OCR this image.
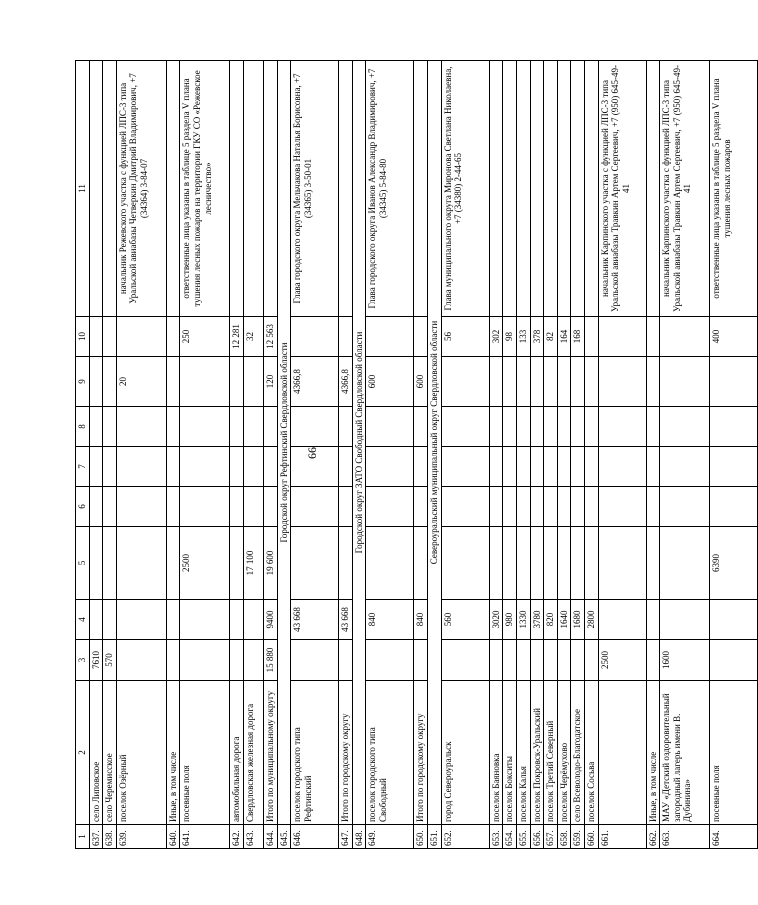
66
1	2	3	4	5	6	7	8	9	10	11
637.	село Липовское	7610								
638.	село Черемисское	570								
639.	поселок Озёрный							20		начальник Режевского участка с функцией ЛПС-3 типа Уральской авиабазы Четверкин Дмитрий Владимирович, +7 (34364) 3-84-07
640.	Иные, в том числе									
641.	посевные поля			2500					250	ответственные лица указаны в таблице 5 раздела V плана тушения лесных пожаров на территории ГКУ СО «Режевское лесничество»
642.	автомобильная дорога								12 281	
643.	Свердловская железная дорога			17 100					32	
644.	Итого по муниципальному округу	15 880	9400	19 600				120	12 563	
645.	Городской округ Рефтинский Свердловской области									
646.	поселок городского типа Рефтинский		43 668					4366,8		Глава городского округа Мельчакова Наталья Борисовна, +7 (34365) 3-50-01
647.	Итого по городскому округу		43 668					4366,8		
648.	Городской округ ЗАТО Свободный Свердловской области									
649.	поселок городского типа Свободный		840					600		Глава городского округа Иванов Александр Владимирович, +7 (34345) 5-84-80
650.	Итого по городскому округу		840					600		
651.	Североуральский муниципальный округ Свердловской области									
652.	город Североуральск		560						56	Глава муниципального округа Миронова Светлана Николаевна, +7 (34380) 2-44-65
653.	поселок Баяновка		3020						302	
654.	поселок Бокситы		980						98	
655.	поселок Калья		1330						133	
656.	поселок Покровск-Уральский		3780						378	
657.	поселок Третий Северный		820						82	
658.	поселок Черёмухово		1640						164	
659.	село Всеволодо-Благодатское		1680						168	
660.	поселок Сосьва		2800							
661.		2500								начальник Карпинского участка с функцией ЛПС-3 типа Уральской авиабазы Травкин Артем Сергеевич, +7 (950) 645-49-41
662.	Иные, в том числе									
663.	МАУ «Детский оздоровительный загородный лагерь имени В. Дубинина»	1600								начальник Карпинского участка с функцией ЛПС-3 типа Уральской авиабазы Травкин Артем Сергеевич, +7 (950) 645-49-41
664.	посевные поля			6390					400	ответственные лица указаны в таблице 5 раздела V плана тушения лесных пожаров
